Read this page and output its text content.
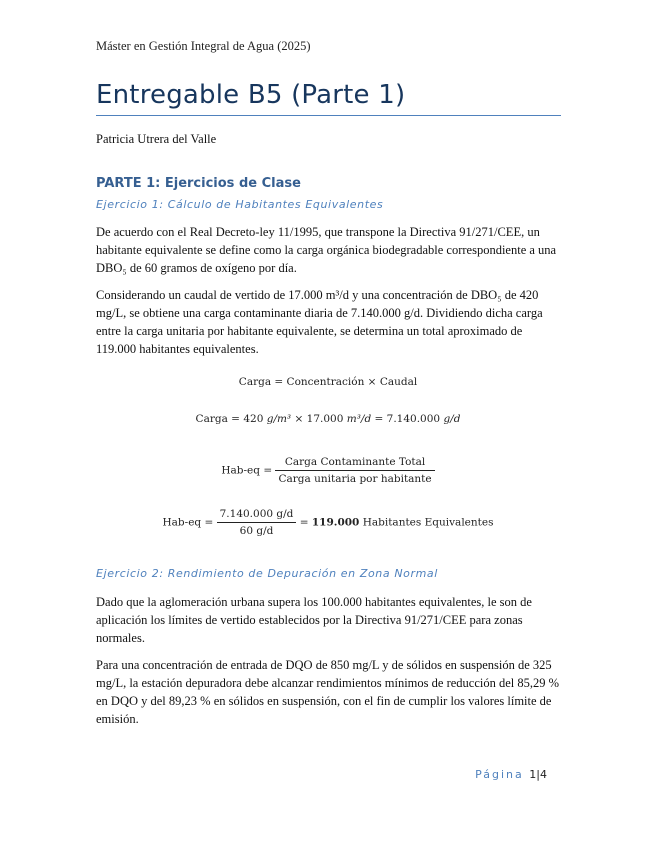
Máster en Gestión Integral de Agua (2025)
Entregable B5 (Parte 1)
Patricia Utrera del Valle
PARTE 1: Ejercicios de Clase
Ejercicio 1: Cálculo de Habitantes Equivalentes

De acuerdo con el Real Decreto-ley 11/1995, que transpone la Directiva 91/271/CEE, un habitante equivalente se define como la carga orgánica biodegradable correspondiente a una DBO₅ de 60 gramos de oxígeno por día.

Considerando un caudal de vertido de 17.000 m³/d y una concentración de DBO₅ de 420 mg/L, se obtiene una carga contaminante diaria de 7.140.000 g/d. Dividiendo dicha carga entre la carga unitaria por habitante equivalente, se determina un total aproximado de 119.000 habitantes equivalentes.

Carga = Concentración × Caudal
Carga = 420 g/m³ × 17.000 m³/d = 7.140.000 g/d
$Hab-eq = \frac{\text{Carga Contaminante Total}}{\text{Carga unitaria por habitante}}$
$Hab-eq = \frac{7.140.000 g/d}{60 g/d} = 119.000$ Habitantes Equivalentes
Ejercicio 2: Rendimiento de Depuración en Zona Normal

Dado que la aglomeración urbana supera los 100.000 habitantes equivalentes, le son de aplicación los límites de vertido establecidos por la Directiva 91/271/CEE para zonas normales.

Para una concentración de entrada de DQO de 850 mg/L y de sólidos en suspensión de 325 mg/L, la estación depuradora debe alcanzar rendimientos mínimos de reducción del 85,29 % en DQO y del 89,23 % en sólidos en suspensión, con el fin de cumplir los valores límite de emisión.

Página 1|4
